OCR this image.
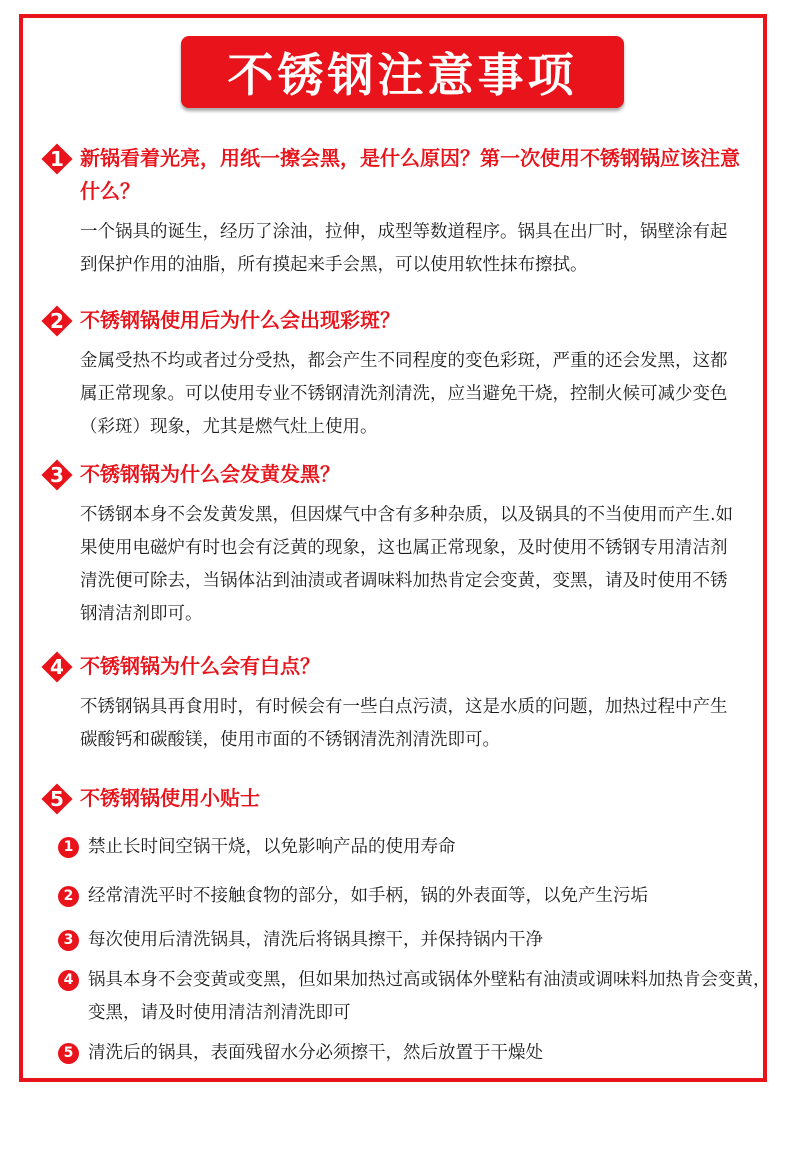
不锈钢注意事项
1 新锅看着光亮，用纸一擦会黑，是什么原因？第一次使用不锈钢锅应该注意什么？
一个锅具的诞生，经历了涂油，拉伸，成型等数道程序。锅具在出厂时，锅壁涂有起到保护作用的油脂，所有摸起来手会黑，可以使用软性抹布擦拭。
2 不锈钢锅使用后为什么会出现彩斑？
金属受热不均或者过分受热，都会产生不同程度的变色彩斑，严重的还会发黑，这都属正常现象。可以使用专业不锈钢清洗剂清洗，应当避免干烧，控制火候可减少变色（彩斑）现象，尤其是燃气灶上使用。
3 不锈钢锅为什么会发黄发黑？
不锈钢本身不会发黄发黑，但因煤气中含有多种杂质，以及锅具的不当使用而产生.如果使用电磁炉有时也会有泛黄的现象，这也属正常现象，及时使用不锈钢专用清洁剂清洗便可除去，当锅体沾到油渍或者调味料加热肯定会变黄，变黑，请及时使用不锈钢清洁剂即可。
4 不锈钢锅为什么会有白点？
不锈钢锅具再食用时，有时候会有一些白点污渍，这是水质的问题，加热过程中产生碳酸钙和碳酸镁，使用市面的不锈钢清洗剂清洗即可。
5 不锈钢锅使用小贴士
1 禁止长时间空锅干烧，以免影响产品的使用寿命
2 经常清洗平时不接触食物的部分，如手柄，锅的外表面等，以免产生污垢
3 每次使用后清洗锅具，清洗后将锅具擦干，并保持锅内干净
4 锅具本身不会变黄或变黑，但如果加热过高或锅体外壁粘有油渍或调味料加热肯会变黄，变黑，请及时使用清洁剂清洗即可
5 清洗后的锅具，表面残留水分必须擦干，然后放置于干燥处
